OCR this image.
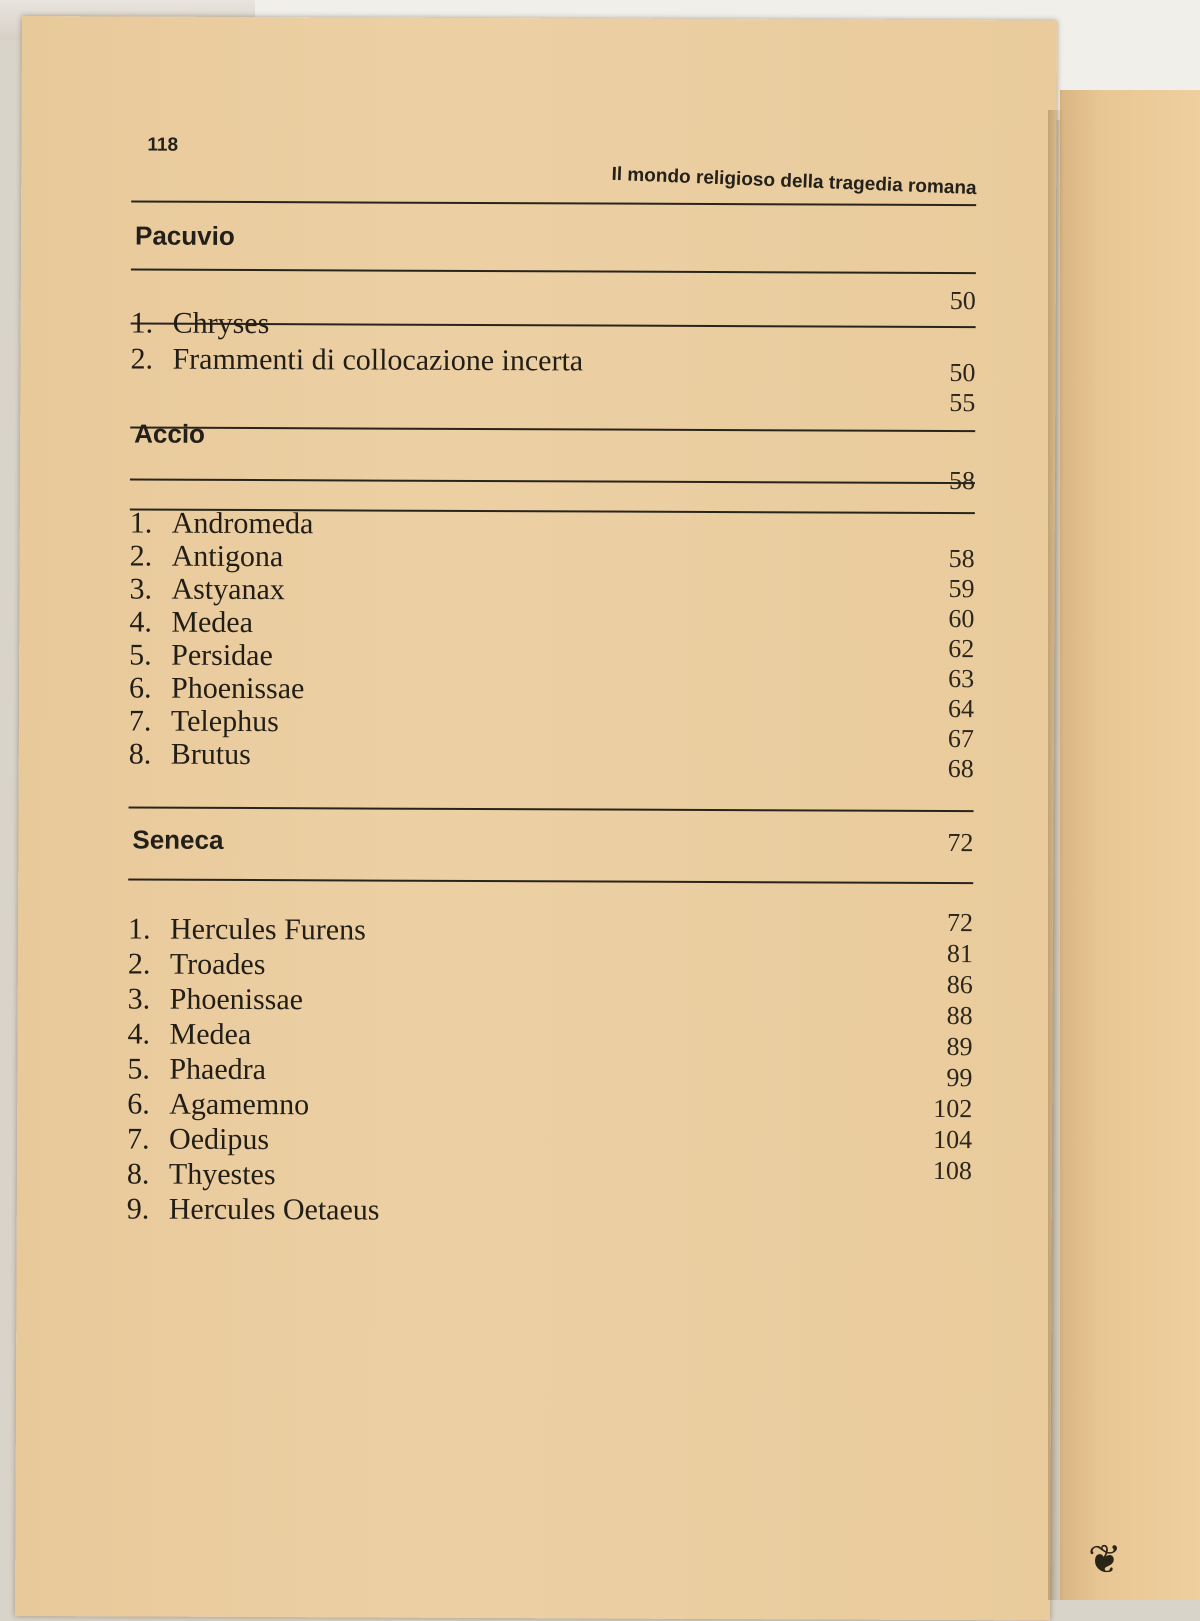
❦
118
Il mondo religioso della tragedia romana
Pacuvio
50
1. Chryses
50
2. Frammenti di collocazione incerta
55
Accio
58
1. Andromeda
2. Antigona
3. Astyanax
4. Medea
5. Persidae
6. Phoenissae
7. Telephus
8. Brutus
58
59
60
62
63
64
67
68
Seneca	72
1. Hercules Furens
2. Troades
3. Phoenissae
4. Medea
5. Phaedra
6. Agamemno
7. Oedipus
8. Thyestes
9. Hercules Oetaeus
72
81
86
88
89
99
102
104
108
